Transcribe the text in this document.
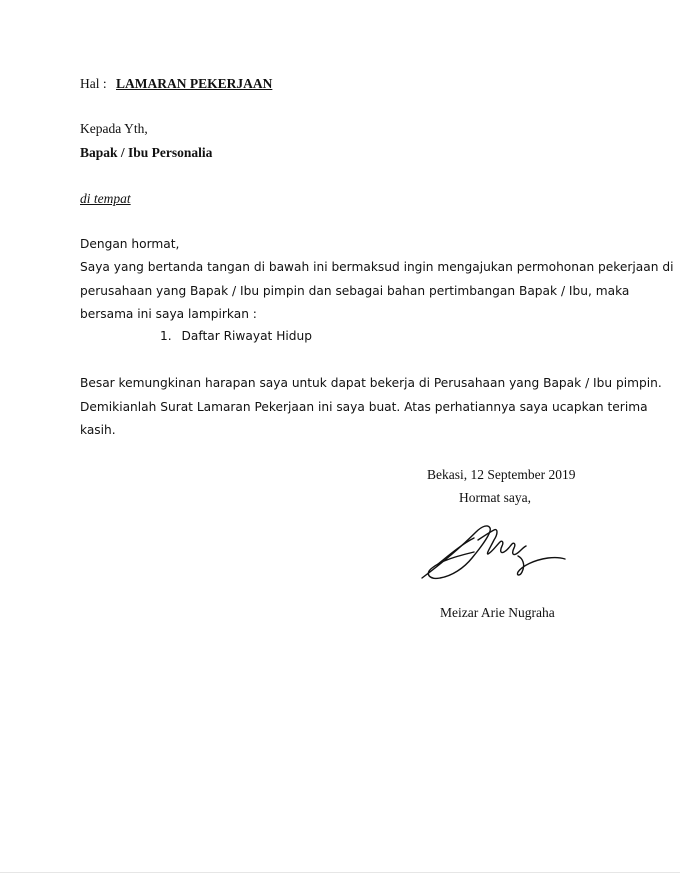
Hal : LAMARAN PEKERJAAN
Kepada Yth,
Bapak / Ibu Personalia
di tempat
Dengan hormat,
Saya yang bertanda tangan di bawah ini bermaksud ingin mengajukan permohonan pekerjaan di
perusahaan yang Bapak / Ibu pimpin dan sebagai bahan pertimbangan Bapak / Ibu, maka
bersama ini saya lampirkan :
1. Daftar Riwayat Hidup
Besar kemungkinan harapan saya untuk dapat bekerja di Perusahaan yang Bapak / Ibu pimpin.
Demikianlah Surat Lamaran Pekerjaan ini saya buat. Atas perhatiannya saya ucapkan terima
kasih.
Bekasi, 12 September 2019
Hormat saya,
Meizar Arie Nugraha
